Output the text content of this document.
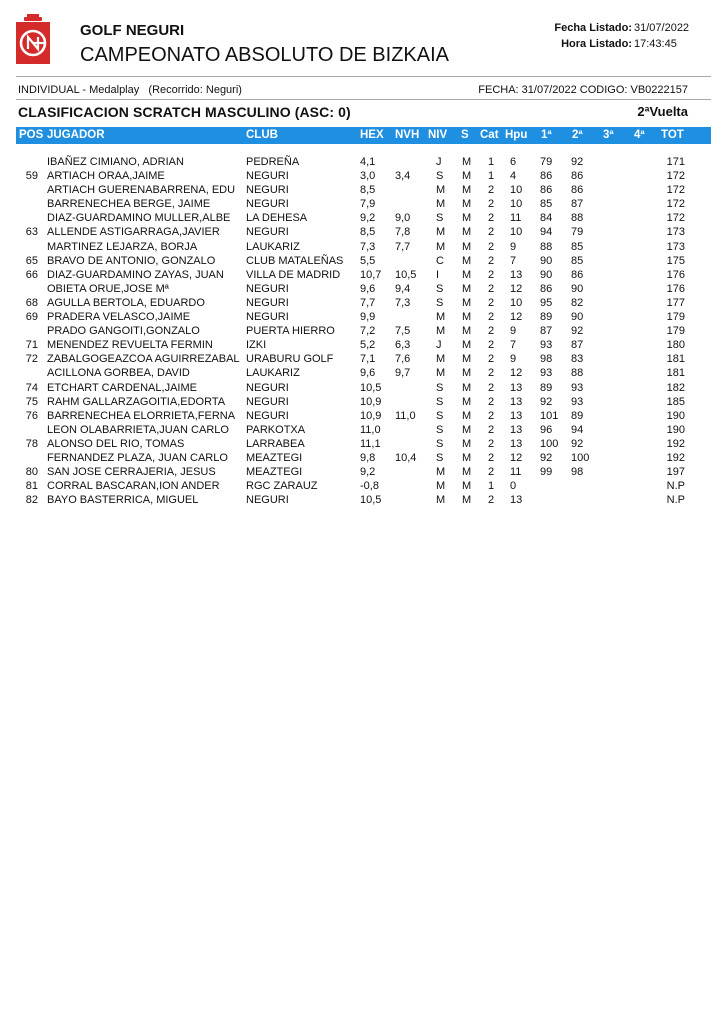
GOLF NEGURI
CAMPEONATO ABSOLUTO DE BIZKAIA
Fecha Listado:
Hora Listado:
31/07/2022
17:43:45
INDIVIDUAL - Medalplay (Recorrido: Neguri)	FECHA: 31/07/2022 CODIGO: VB0222157
CLASIFICACION SCRATCH MASCULINO (ASC: 0)	2ªVuelta
POS JUGADOR	CLUB	HEX NVH NIV S Cat Hpu 1ª 2ª 3ª 4ª TOT
IBAÑEZ CIMIANO, ADRIAN	PEDREÑA	4,1	J M 1 6 79 92	171
59 ARTIACH ORAA,JAIME	NEGURI	3,0 3,4 S M 1 4 86 86	172
ARTIACH GUERENABARRENA, EDU NEGURI	8,5	M M 2 10 86 86	172
BARRENECHEA BERGE, JAIME	NEGURI	7,9	M M 2 10 85 87	172
DIAZ-GUARDAMINO MULLER,ALBE	LA DEHESA	9,2 9,0 S M 2 11 84 88	172
63 ALLENDE ASTIGARRAGA,JAVIER	NEGURI	8,5 7,8 M M 2 10 94 79	173
MARTINEZ LEJARZA, BORJA	LAUKARIZ	7,3 7,7 M M 2 9 88 85	173
65 BRAVO DE ANTONIO, GONZALO	CLUB MATALEÑAS	5,5	C M 2 7 90 85	175
66 DIAZ-GUARDAMINO ZAYAS, JUAN	VILLA DE MADRID	10,7 10,5 I M 2 13 90 86	176
OBIETA ORUE,JOSE Mª	NEGURI	9,6 9,4 S M 2 12 86 90	176
68 AGULLA BERTOLA, EDUARDO	NEGURI	7,7 7,3 S M 2 10 95 82	177
69 PRADERA VELASCO,JAIME	NEGURI	9,9	M M 2 12 89 90	179
PRADO GANGOITI,GONZALO	PUERTA HIERRO	7,2 7,5 M M 2 9 87 92	179
71 MENENDEZ REVUELTA FERMIN	IZKI	5,2 6,3 J M 2 7 93 87	180
72 ZABALGOGEAZCOA AGUIRREZABAL URABURU GOLF	7,1 7,6 M M 2 9 98 83	181
ACILLONA GORBEA, DAVID	LAUKARIZ	9,6 9,7 M M 2 12 93 88	181
74 ETCHART CARDENAL,JAIME	NEGURI	10,5	S M 2 13 89 93	182
75 RAHM GALLARZAGOITIA,EDORTA	NEGURI	10,9	S M 2 13 92 93	185
76 BARRENECHEA ELORRIETA,FERNA NEGURI	10,9 11,0 S M 2 13 101 89	190
LEON OLABARRIETA,JUAN CARLO	PARKOTXA	11,0	S M 2 13 96 94	190
78 ALONSO DEL RIO, TOMAS	LARRABEA	11,1	S M 2 13 100 92	192
FERNANDEZ PLAZA, JUAN CARLO	MEAZTEGI	9,8 10,4 S M 2 12 92 100	192
80 SAN JOSE CERRAJERIA, JESUS	MEAZTEGI	9,2	M M 2 11 99 98	197
81 CORRAL BASCARAN,ION ANDER	RGC ZARAUZ	-0,8	M M 1 0	N.P
82 BAYO BASTERRICA, MIGUEL	NEGURI	10,5	M M 2 13	N.P
